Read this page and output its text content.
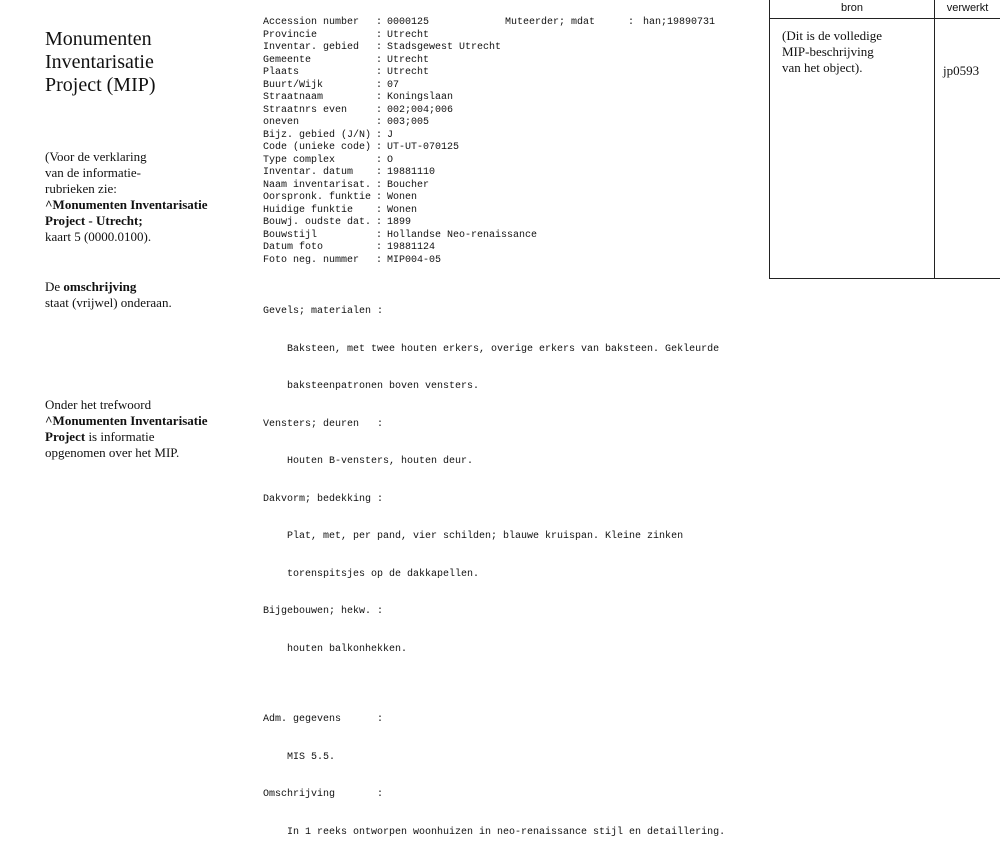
Monumenten
Inventarisatie
Project (MIP)
(Voor de verklaring
van de informatie-
rubrieken zie:
^Monumenten Inventarisatie
Project - Utrecht;
kaart 5 (0000.0100).
De omschrijving
staat (vrijwel) onderaan.
Onder het trefwoord
^Monumenten Inventarisatie
Project is informatie
opgenomen over het MIP.
bron	verwerkt
(Dit is de volledige
MIP-beschrijving
van het object).	jp0593
Muteerder; mdat	: han;19890731
Accession number : 0000125
Provincie	: Utrecht
Inventar. gebied : Stadsgewest Utrecht
Gemeente	: Utrecht
Plaats	: Utrecht
Buurt/Wijk	: 07
Straatnaam	: Koningslaan
Straatnrs even	: 002;004;006
oneven	: 003;005
Bijz. gebied (J/N) : J
Code (unieke code) : UT-UT-070125
Type complex	: O
Inventar. datum : 19881110
Naam inventarisat. : Boucher
Oorspronk. funktie : Wonen
Huidige funktie : Wonen
Bouwj. oudste dat. : 1899
Bouwstijl	: Hollandse Neo-renaissance
Datum foto	: 19881124
Foto neg. nummer : MIP004-05

Gevels; materialen :

Baksteen, met twee houten erkers, overige erkers van baksteen. Gekleurde

baksteenpatronen boven vensters.

Vensters; deuren   :

Houten B-vensters, houten deur.

Dakvorm; bedekking :

Plat, met, per pand, vier schilden; blauwe kruispan. Kleine zinken

torenspitsjes op de dakkapellen.

Bijgebouwen; hekw. :

houten balkonhekken.

Adm. gegevens      :

MIS 5.5.

Omschrijving       :

In 1 reeks ontworpen woonhuizen in neo-renaissance stijl en detaillering.
